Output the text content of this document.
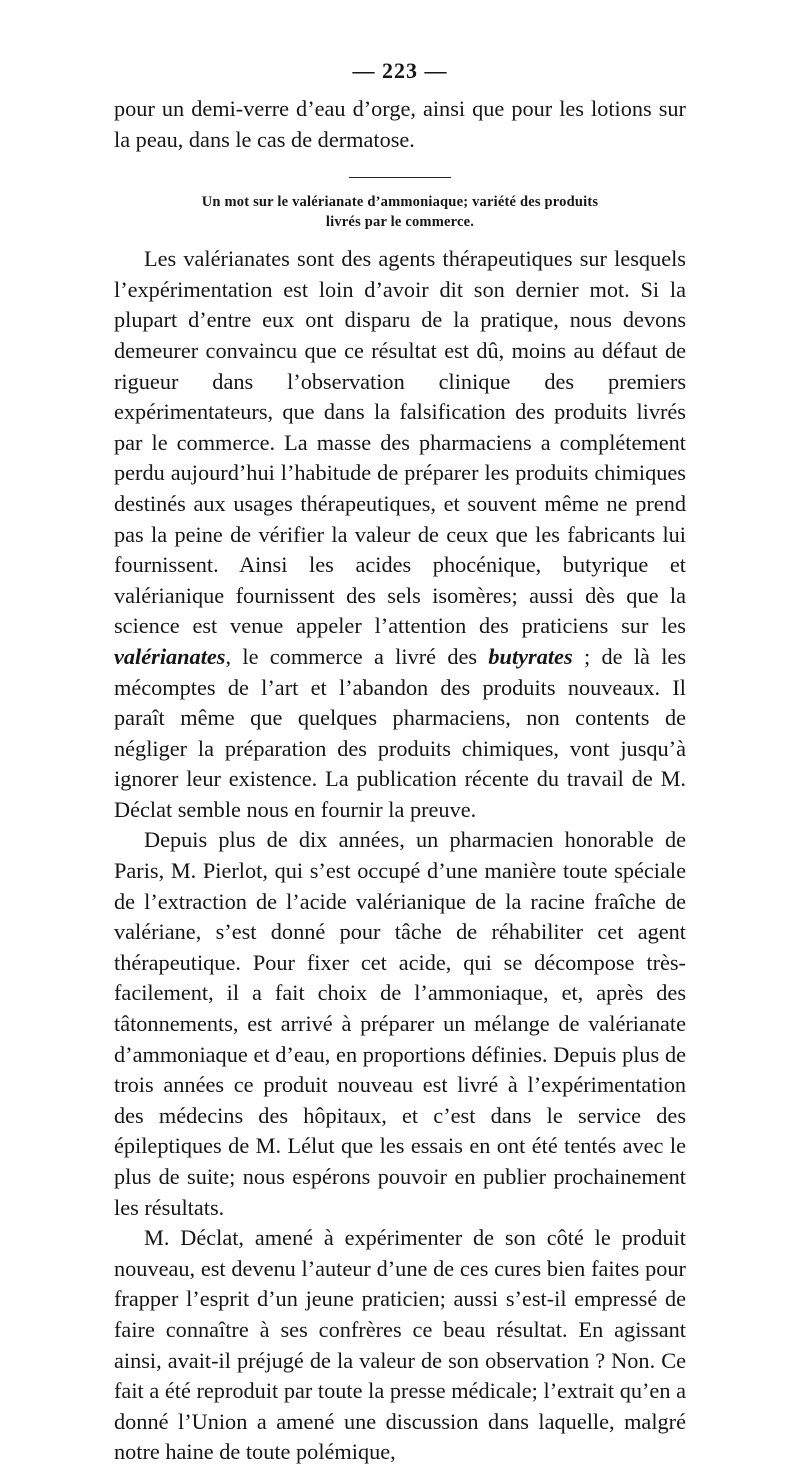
— 223 —

pour un demi-verre d’eau d’orge, ainsi que pour les lotions sur la peau, dans le cas de dermatose.

Un mot sur le valérianate d’ammoniaque; variété des produits
livrés par le commerce.

Les valérianates sont des agents thérapeutiques sur lesquels l’expérimentation est loin d’avoir dit son dernier mot. Si la plupart d’entre eux ont disparu de la pratique, nous devons demeurer convaincu que ce résultat est dû, moins au défaut de rigueur dans l’observation clinique des premiers expérimentateurs, que dans la falsification des produits livrés par le commerce. La masse des pharmaciens a complétement perdu aujourd’hui l’habitude de préparer les produits chimiques destinés aux usages thérapeutiques, et souvent même ne prend pas la peine de vérifier la valeur de ceux que les fabricants lui fournissent. Ainsi les acides phocénique, butyrique et valérianique fournissent des sels isomères; aussi dès que la science est venue appeler l’attention des praticiens sur les valérianates, le commerce a livré des butyrates ; de là les mécomptes de l’art et l’abandon des produits nouveaux. Il paraît même que quelques pharmaciens, non contents de négliger la préparation des produits chimiques, vont jusqu’à ignorer leur existence. La publication récente du travail de M. Déclat semble nous en fournir la preuve.

Depuis plus de dix années, un pharmacien honorable de Paris, M. Pierlot, qui s’est occupé d’une manière toute spéciale de l’extraction de l’acide valérianique de la racine fraîche de valériane, s’est donné pour tâche de réhabiliter cet agent thérapeutique. Pour fixer cet acide, qui se décompose très-facilement, il a fait choix de l’ammoniaque, et, après des tâtonnements, est arrivé à préparer un mélange de valérianate d’ammoniaque et d’eau, en proportions définies. Depuis plus de trois années ce produit nouveau est livré à l’expérimentation des médecins des hôpitaux, et c’est dans le service des épileptiques de M. Lélut que les essais en ont été tentés avec le plus de suite; nous espérons pouvoir en publier prochainement les résultats.

M. Déclat, amené à expérimenter de son côté le produit nouveau, est devenu l’auteur d’une de ces cures bien faites pour frapper l’esprit d’un jeune praticien; aussi s’est-il empressé de faire connaître à ses confrères ce beau résultat. En agissant ainsi, avait-il préjugé de la valeur de son observation ? Non. Ce fait a été reproduit par toute la presse médicale; l’extrait qu’en a donné l’Union a amené une discussion dans laquelle, malgré notre haine de toute polémique,
